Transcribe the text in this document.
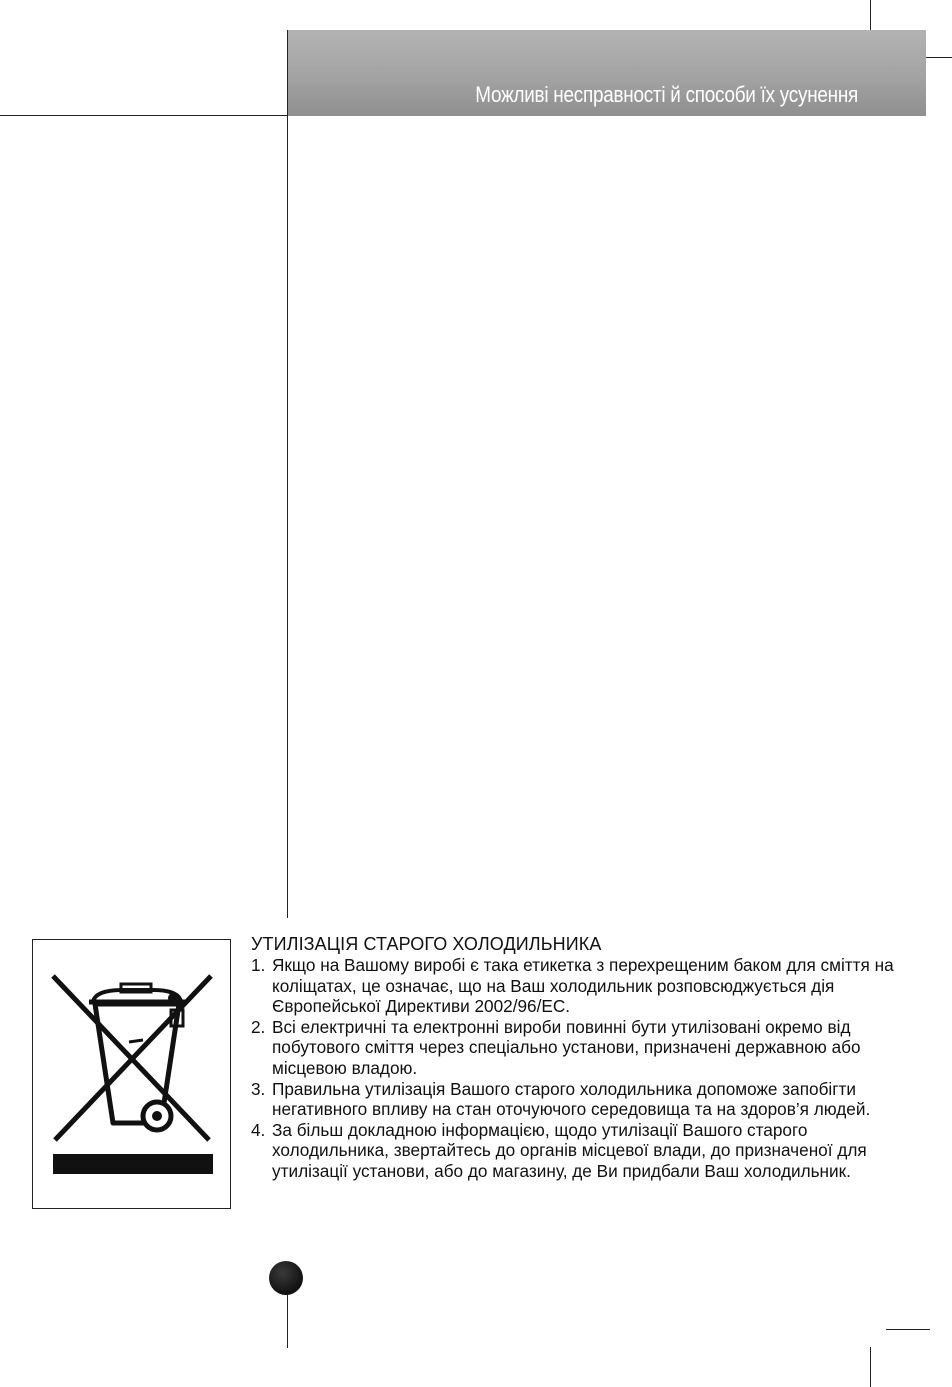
Можливі несправності й способи їх усунення
УТИЛІЗАЦІЯ СТАРОГО ХОЛОДИЛЬНИКА
1. Якщо на Вашому виробі є така етикетка з перехрещеним баком для сміття на коліщатах, це означає, що на Ваш холодильник розповсюджується дія Європейської Директиви 2002/96/ЕС.
2. Всі електричні та електронні вироби повинні бути утилізовані окремо від побутового сміття через спеціально установи, призначені державною або місцевою владою.
3. Правильна утилізація Вашого старого холодильника допоможе запобігти негативного впливу на стан оточуючого середовища та на здоров’я людей.
4. За більш докладною інформацією, щодо утилізації Вашого старого холодильника, звертайтесь до органів місцевої влади, до призначеної для утилізації установи, або до магазину, де Ви придбали Ваш холодильник.
